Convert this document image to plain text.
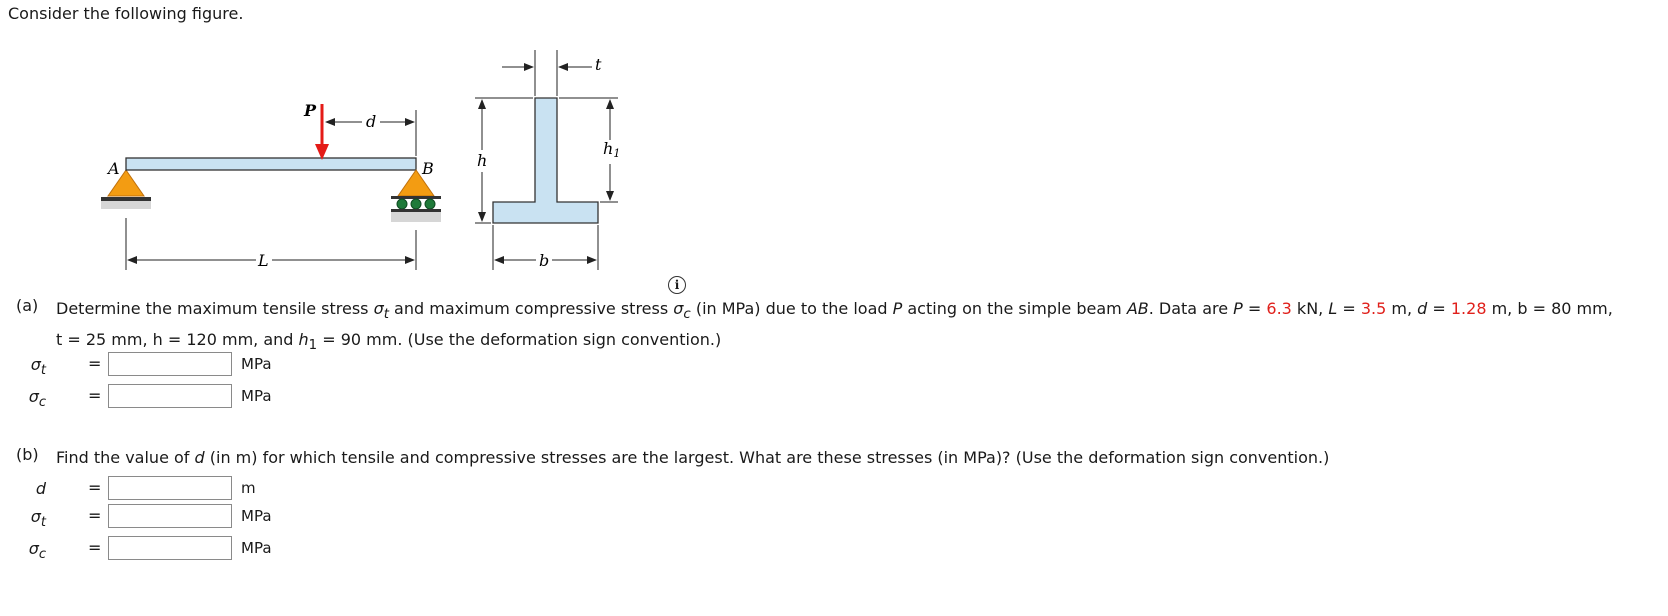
Consider the following figure.
A	B
P
d
L
h
h1
b
t
i
(a) Determine the maximum tensile stress $\sigma_t$ and maximum compressive stress $\sigma_c$ (in MPa) due to the load P acting on the simple beam AB. Data are P = 6.3 kN, L = 3.5 m, d = 1.28 m, b = 80 mm,
t = 25 mm, h = 120 mm, and $h_1 = 90$ mm. (Use the deformation sign convention.)
$\sigma_t$	=	MPa
$\sigma_c$	=	MPa
(b) Find the value of d (in m) for which tensile and compressive stresses are the largest. What are these stresses (in MPa)? (Use the deformation sign convention.)
d	=	m
$\sigma_t$	=	MPa
$\sigma_c$	=	MPa
